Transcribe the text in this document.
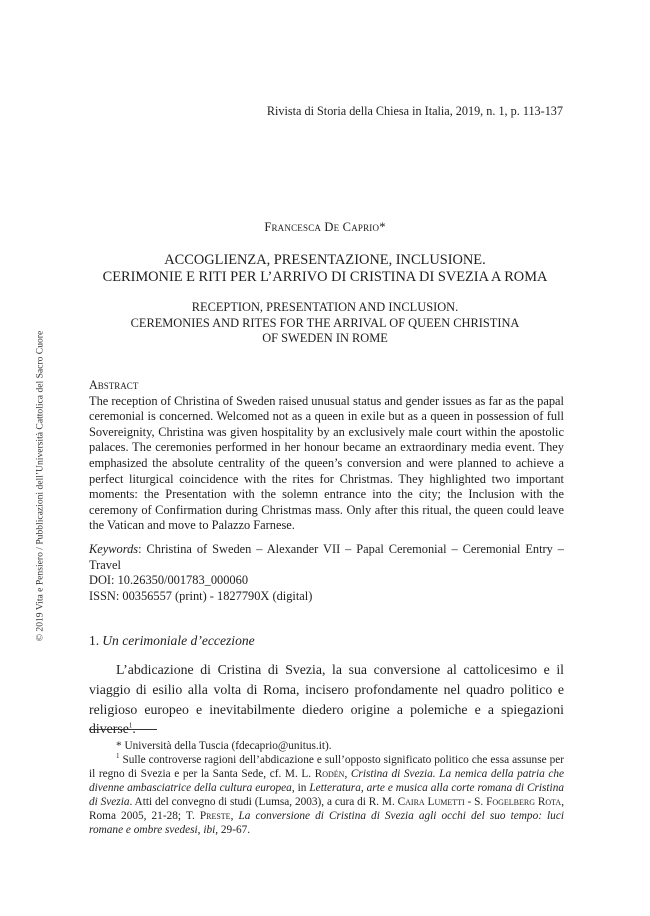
Rivista di Storia della Chiesa in Italia, 2019, n. 1, p. 113-137
Francesca De Caprio*
ACCOGLIENZA, PRESENTAZIONE, INCLUSIONE.
CERIMONIE E RITI PER L’ARRIVO DI CRISTINA DI SVEZIA A ROMA
RECEPTION, PRESENTATION AND INCLUSION.
CEREMONIES AND RITES FOR THE ARRIVAL OF QUEEN CHRISTINA
OF SWEDEN IN ROME
Abstract
The reception of Christina of Sweden raised unusual status and gender issues as far as the papal ceremonial is concerned. Welcomed not as a queen in exile but as a queen in possession of full Sovereignity, Christina was given hospitality by an exclusively male court within the apostolic palaces. The ceremonies performed in her honour became an extraordinary media event. They emphasized the absolute centrality of the queen’s conversion and were planned to achieve a perfect liturgical coincidence with the rites for Christmas. They highlighted two important moments: the Presentation with the solemn entrance into the city; the Inclusion with the ceremony of Confirmation during Christmas mass. Only after this ritual, the queen could leave the Vatican and move to Palazzo Farnese.
Keywords: Christina of Sweden – Alexander VII – Papal Ceremonial – Ceremonial Entry – Travel
DOI: 10.26350/001783_000060
ISSN: 00356557 (print) - 1827790X (digital)
1. Un cerimoniale d’eccezione
L’abdicazione di Cristina di Svezia, la sua conversione al cattolicesimo e il viaggio di esilio alla volta di Roma, incisero profondamente nel quadro politico e religioso europeo e inevitabilmente diedero origine a polemiche e a spiegazioni diverse$^1$.
* Università della Tuscia (fdecaprio@unitus.it).
$^1$ Sulle controverse ragioni dell’abdicazione e sull’opposto significato politico che essa assunse per il regno di Svezia e per la Santa Sede, cf. M. L. Rodén, Cristina di Svezia. La nemica della patria che divenne ambasciatrice della cultura europea, in Letteratura, arte e musica alla corte romana di Cristina di Svezia. Atti del convegno di studi (Lumsa, 2003), a cura di R. M. Caira Lumetti - S. Fogelberg Rota, Roma 2005, 21-28; T. Preste, La conversione di Cristina di Svezia agli occhi del suo tempo: luci romane e ombre svedesi, ibi, 29-67.
© 2019 Vita e Pensiero / Pubblicazioni dell’Università Cattolica del Sacro Cuore
